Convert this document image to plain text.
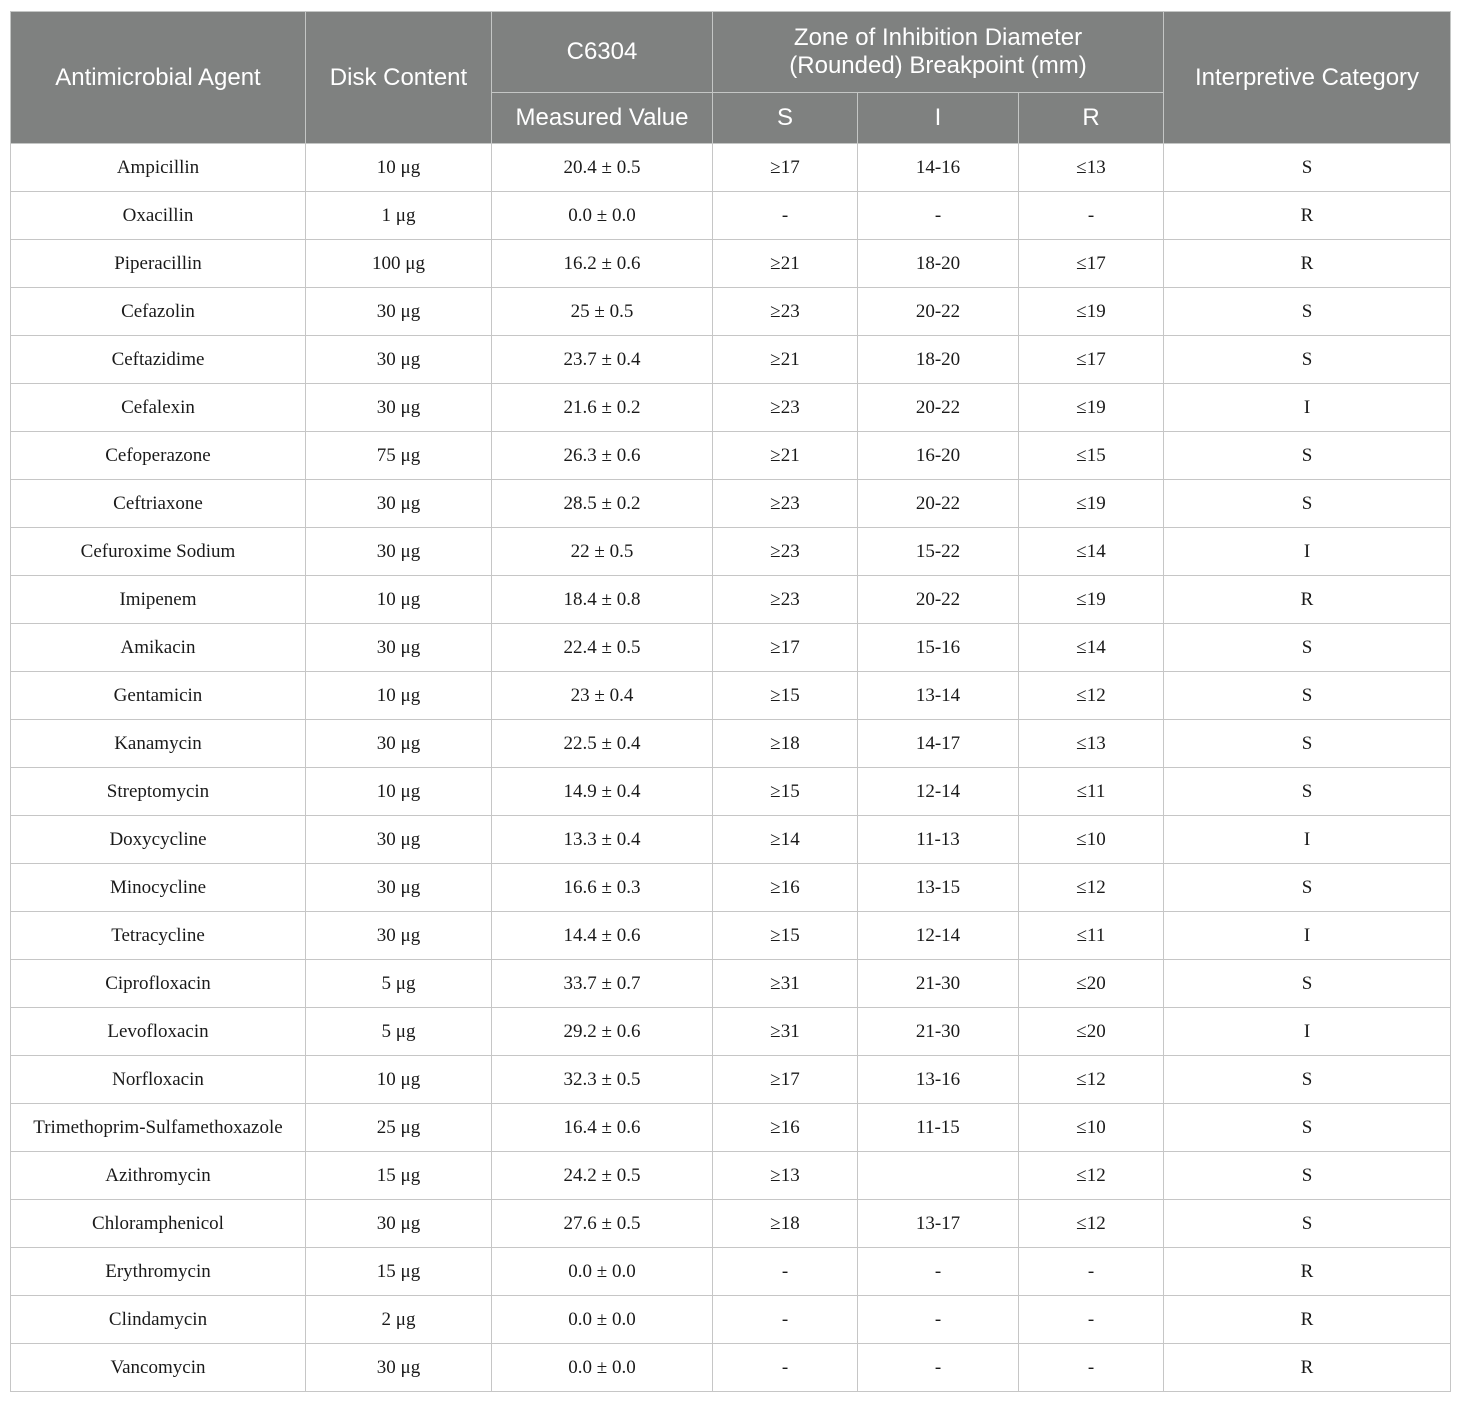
Antimicrobial Agent	Disk Content	C6304	Zone of Inhibition Diameter (Rounded) Breakpoint (mm)			Interpretive Category
		Measured Value	S	I	R	
Ampicillin	10 μg	20.4 ± 0.5	≥17	14-16	≤13	S
Oxacillin	1 μg	0.0 ± 0.0	-	-	-	R
Piperacillin	100 μg	16.2 ± 0.6	≥21	18-20	≤17	R
Cefazolin	30 μg	25 ± 0.5	≥23	20-22	≤19	S
Ceftazidime	30 μg	23.7 ± 0.4	≥21	18-20	≤17	S
Cefalexin	30 μg	21.6 ± 0.2	≥23	20-22	≤19	I
Cefoperazone	75 μg	26.3 ± 0.6	≥21	16-20	≤15	S
Ceftriaxone	30 μg	28.5 ± 0.2	≥23	20-22	≤19	S
Cefuroxime Sodium	30 μg	22 ± 0.5	≥23	15-22	≤14	I
Imipenem	10 μg	18.4 ± 0.8	≥23	20-22	≤19	R
Amikacin	30 μg	22.4 ± 0.5	≥17	15-16	≤14	S
Gentamicin	10 μg	23 ± 0.4	≥15	13-14	≤12	S
Kanamycin	30 μg	22.5 ± 0.4	≥18	14-17	≤13	S
Streptomycin	10 μg	14.9 ± 0.4	≥15	12-14	≤11	S
Doxycycline	30 μg	13.3 ± 0.4	≥14	11-13	≤10	I
Minocycline	30 μg	16.6 ± 0.3	≥16	13-15	≤12	S
Tetracycline	30 μg	14.4 ± 0.6	≥15	12-14	≤11	I
Ciprofloxacin	5 μg	33.7 ± 0.7	≥31	21-30	≤20	S
Levofloxacin	5 μg	29.2 ± 0.6	≥31	21-30	≤20	I
Norfloxacin	10 μg	32.3 ± 0.5	≥17	13-16	≤12	S
Trimethoprim-Sulfamethoxazole	25 μg	16.4 ± 0.6	≥16	11-15	≤10	S
Azithromycin	15 μg	24.2 ± 0.5	≥13		≤12	S
Chloramphenicol	30 μg	27.6 ± 0.5	≥18	13-17	≤12	S
Erythromycin	15 μg	0.0 ± 0.0	-	-	-	R
Clindamycin	2 μg	0.0 ± 0.0	-	-	-	R
Vancomycin	30 μg	0.0 ± 0.0	-	-	-	R
